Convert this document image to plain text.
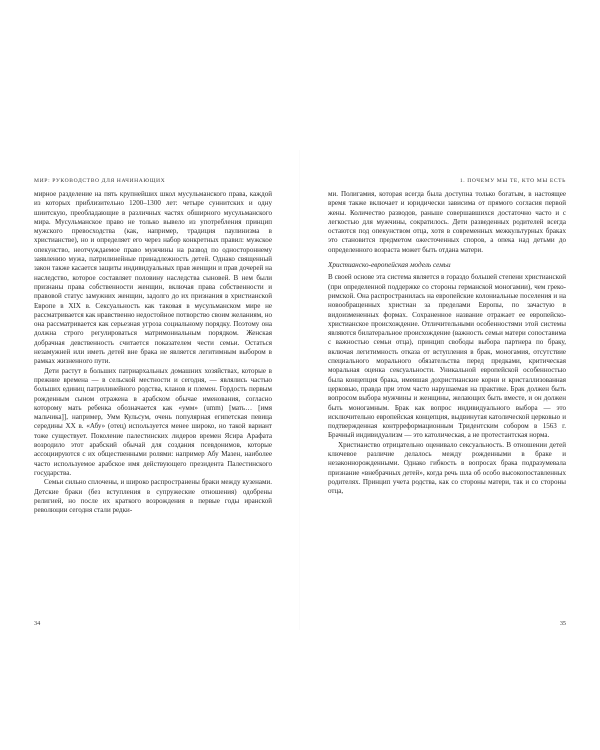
МИР: РУКОВОДСТВО ДЛЯ НАЧИНАЮЩИХ

мирное разделение на пять крупнейших школ мусульманского права, каждой из которых приблизительно 1200–1300 лет: четыре суннитских и одну шиитскую, преобладающие в различных частях обширного мусульманского мира. Мусульманское право не только вывело из употребления принцип мужского превосходства (как, например, традиция паулинизма в христианстве), но и определяет его через набор конкретных правил: мужское опекунство, неотчуждаемое право мужчины на развод по одностороннему заявлению мужа, патрилинейные принадлежность детей. Однако священный закон также касается защиты индивидуальных прав женщин и прав дочерей на наследство, которое составляет половину наследства сыновей. В нем были признаны права собственности женщин, включая права собственности и правовой статус замужних женщин, задолго до их признания в христианской Европе в XIX в. Сексуальность как таковая в мусульманском мире не рассматривается как нравственно недостойное потворство своим желаниям, но она рассматривается как серьезная угроза социальному порядку. Поэтому она должна строго регулироваться матримониальным порядком. Женская добрачная девственность считается показателем чести семьи. Остаться незамужней или иметь детей вне брака не является легитимным выбором в рамках жизненного пути.

Дети растут в больших патриархальных домашних хозяйствах, которые в прежние времена — в сельской местности и сегодня, — являлись частью больших единиц патрилинейного родства, кланов и племен. Гордость первым рожденным сыном отражена в арабском обычае именования, согласно которому мать ребенка обозначается как «умм» (umm) [мать… [имя мальчика]], например, Умм Кульсум, очень популярная египетская певица середины XX в. «Абу» (отец) используется менее широко, но такой вариант тоже существует. Поколение палестинских лидеров времен Ясира Арафата возродило этот арабский обычай для создания псевдонимов, которые ассоциируются с их общественными ролями: например Абу Мазен, наиболее часто используемое арабское имя действующего президента Палестинского государства.

Семьи сильно сплочены, и широко распространены браки между кузенами. Детские браки (без вступления в супружеские отношения) одобрены религией, но после их краткого возрождения в первые годы иранской революции сегодня стали редки-

34
1. ПОЧЕМУ МЫ ТЕ, КТО МЫ ЕСТЬ

ми. Полигамия, которая всегда была доступна только богатым, в настоящее время также включает и юридически зависима от прямого согласия первой жены. Количество разводов, раньше совершавшихся достаточно часто и с легкостью для мужчины, сократилось. Дети разведенных родителей всегда остаются под опекунством отца, хотя в современных межкультурных браках это становится предметом ожесточенных споров, а опека над детьми до определенного возраста может быть отдана матери.

Христианско-европейская модель семьи

В своей основе эта система является в гораздо большей степени христианской (при определенной поддержке со стороны германской моногамии), чем греко-римской. Она распространилась на европейские колониальные поселения и на новообращенных христиан за пределами Европы, по зачастую в видоизмененных формах. Сохраненное название отражает ее европейско-христианское происхождение. Отличительными особенностями этой системы являются билатеральное происхождение (важность семьи матери сопоставима с важностью семьи отца), принцип свободы выбора партнера по браку, включая легитимность отказа от вступления в брак, моногамия, отсутствие специального морального обязательства перед предками, критическая моральная оценка сексуальности. Уникальной европейской особенностью была концепция брака, имевшая дохристианские корни и кристаллизованная церковью, правда при этом часто нарушаемая на практике. Брак должен быть вопросом выбора мужчины и женщины, желающих быть вместе, и он должен быть моногамным. Брак как вопрос индивидуального выбора — это исключительно европейская концепция, выдвинутая католической церковью и подтвержденная контрреформационным Тридентским собором в 1563 г. Брачный индивидуализм — это католическая, а не протестантская норма.

Христианство отрицательно оценивало сексуальность. В отношении детей ключевое различие делалось между рожденными в браке и незаконнорожденными. Однако гибкость в вопросах брака подразумевала признание «внебрачных детей», когда речь шла об особо высокопоставленных родителях. Принцип учета родства, как со стороны матери, так и со стороны отца,

35
